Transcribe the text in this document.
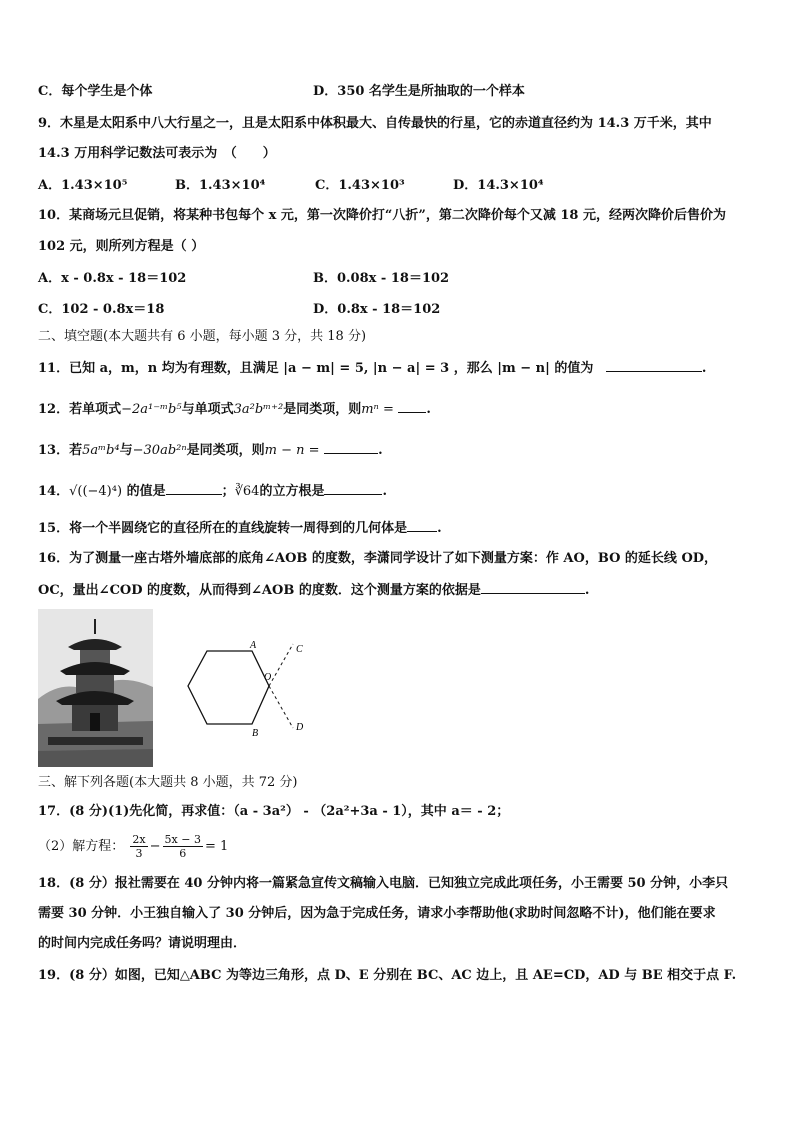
C．每个学生是个体	D．350 名学生是所抽取的一个样本
9．木星是太阳系中八大行星之一，且是太阳系中体积最大、自传最快的行星，它的赤道直径约为 14.3 万千米，其中
14.3 万用科学记数法可表示为　（　　）
A．1.43×10⁵	B．1.43×10⁴	C．1.43×10³	D．14.3×10⁴
10．某商场元旦促销，将某种书包每个 x 元，第一次降价打“八折”，第二次降价每个又减 18 元，经两次降价后售价为
102 元，则所列方程是（ ）
A．x - 0.8x - 18＝102	B．0.08x - 18＝102
C．102 - 0.8x＝18	D．0.8x - 18＝102
二、填空题(本大题共有 6 小题，每小题 3 分，共 18 分)
11．已知 a，m，n 均为有理数，且满足 |a − m| = 5, |n − a| = 3 ，那么 |m − n| 的值为	.
12．若单项式−2a¹⁻ᵐb⁵与单项式3a²bᵐ⁺²是同类项，则mⁿ =	.
13．若5aᵐb⁴与−30ab²ⁿ是同类项，则m − n =	.
14．√((−4)⁴) 的值是	；∛64的立方根是	.
15．将一个半圆绕它的直径所在的直线旋转一周得到的几何体是 .
16．为了测量一座古塔外墙底部的底角∠AOB 的度数，李潇同学设计了如下测量方案：作 AO，BO 的延长线 OD，
OC，量出∠COD 的度数，从而得到∠AOB 的度数．这个测量方案的依据是	.
A
B
C
D
O
三、解下列各题(本大题共 8 小题，共 72 分)
17．(8 分)(1)先化简，再求值：（a - 3a²） - （2a²+3a - 1），其中 a＝ - 2；
（2）解方程： $\frac{2x}{3} - \frac{5x - 3}{6} = 1$
18．(8 分）报社需要在 40 分钟内将一篇紧急宣传文稿输入电脑．已知独立完成此项任务，小王需要 50 分钟，小李只
需要 30 分钟．小王独自输入了 30 分钟后，因为急于完成任务，请求小李帮助他(求助时间忽略不计)，他们能在要求
的时间内完成任务吗？请说明理由．
19．(8 分）如图，已知△ABC 为等边三角形，点 D、E 分别在 BC、AC 边上，且 AE=CD，AD 与 BE 相交于点 F.
